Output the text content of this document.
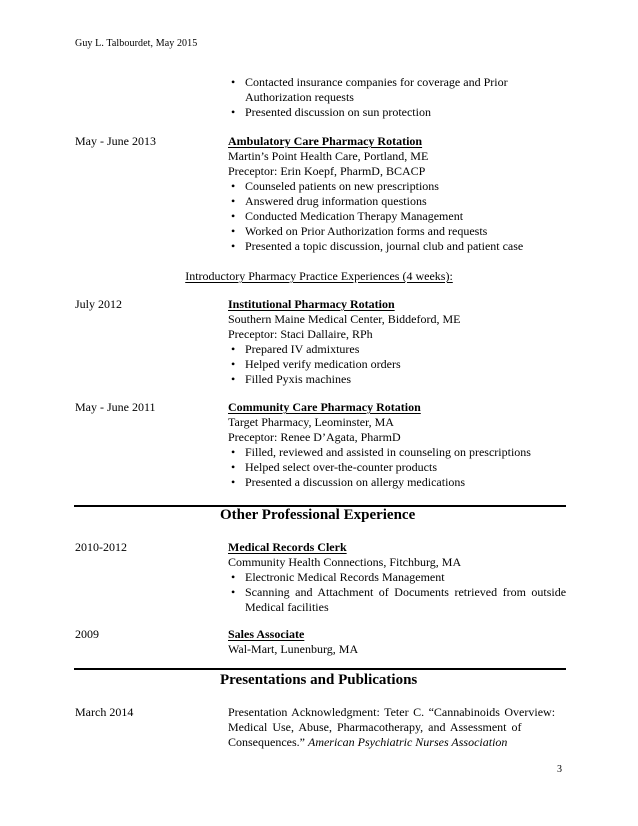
Guy L. Talbourdet, May 2015
• Contacted insurance companies for coverage and Prior
Authorization requests
• Presented discussion on sun protection
May - June 2013	Ambulatory Care Pharmacy Rotation
Martin’s Point Health Care, Portland, ME
Preceptor: Erin Koepf, PharmD, BCACP
• Counseled patients on new prescriptions
• Answered drug information questions
• Conducted Medication Therapy Management
• Worked on Prior Authorization forms and requests
• Presented a topic discussion, journal club and patient case
Introductory Pharmacy Practice Experiences (4 weeks):
July 2012	Institutional Pharmacy Rotation
Southern Maine Medical Center, Biddeford, ME
Preceptor: Staci Dallaire, RPh
• Prepared IV admixtures
• Helped verify medication orders
• Filled Pyxis machines
May - June 2011	Community Care Pharmacy Rotation
Target Pharmacy, Leominster, MA
Preceptor: Renee D’Agata, PharmD
• Filled, reviewed and assisted in counseling on prescriptions
• Helped select over-the-counter products
• Presented a discussion on allergy medications
Other Professional Experience
2010-2012	Medical Records Clerk
Community Health Connections, Fitchburg, MA
• Electronic Medical Records Management
• Scanning and Attachment of Documents retrieved from outside
Medical facilities
2009	Sales Associate
Wal-Mart, Lunenburg, MA
Presentations and Publications
March 2014	Presentation Acknowledgment: Teter C. “Cannabinoids Overview:
Medical Use, Abuse, Pharmacotherapy, and Assessment of
Consequences.” American Psychiatric Nurses Association
3
